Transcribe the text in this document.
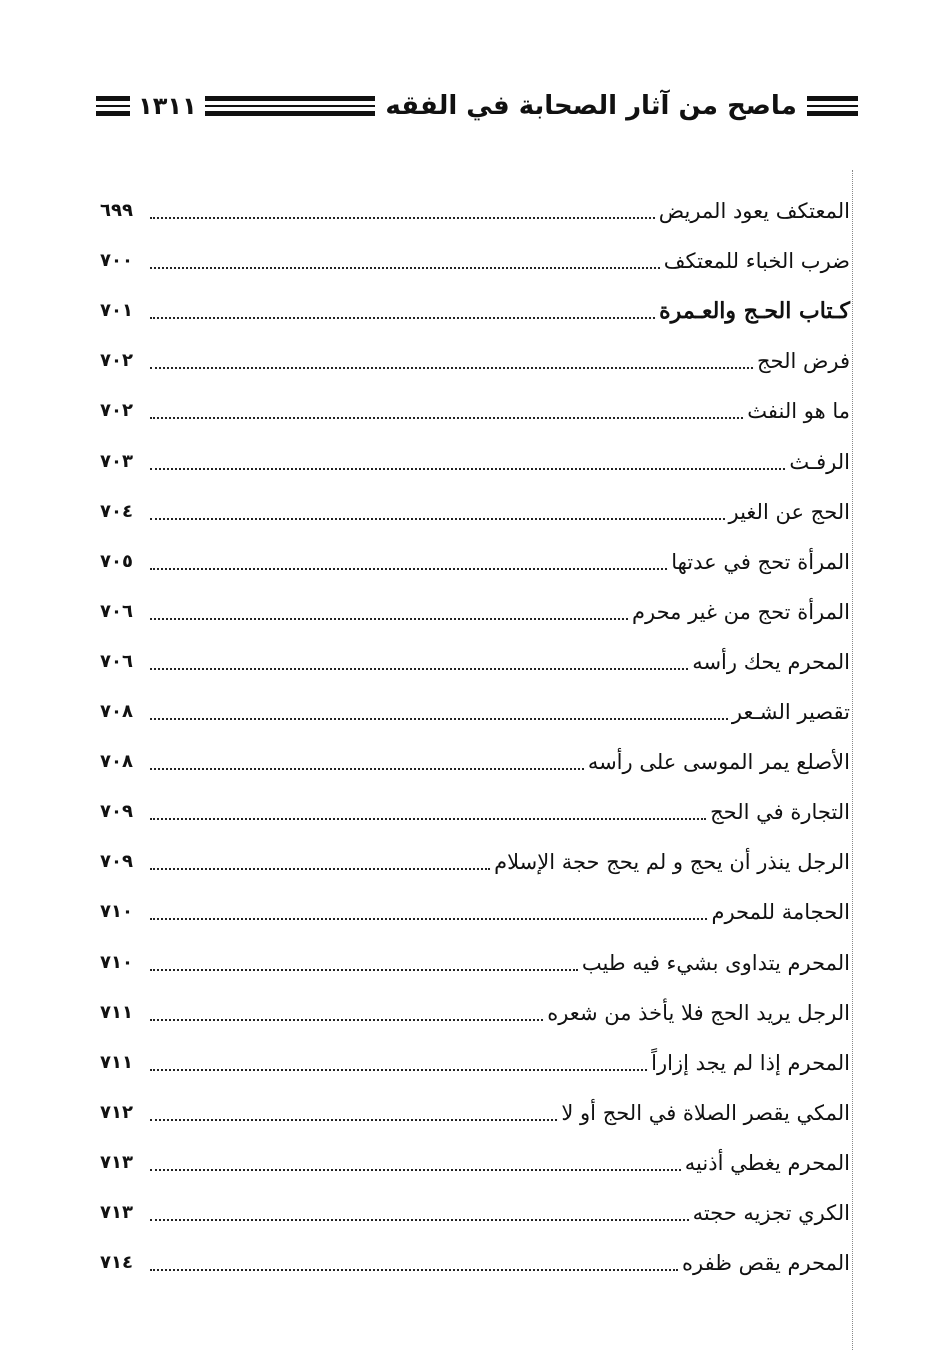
ماصح من آثار الصحابة في الفقه
١٣١١
المعتكف يعود المريض
٦٩٩
ضرب الخباء للمعتكف
٧٠٠
كـتاب الحـج والعـمرة
٧٠١
فرض الحج
٧٠٢
ما هو النفث
٧٠٢
الرفـث
٧٠٣
الحج عن الغير
٧٠٤
المرأة تحج في عدتها
٧٠٥
المرأة تحج من غير محرم
٧٠٦
المحرم يحك رأسه
٧٠٦
تقصير الشـعر
٧٠٨
الأصلع يمر الموسى على رأسه
٧٠٨
التجارة في الحج
٧٠٩
الرجل ينذر أن يحج و لم يحج حجة الإسلام
٧٠٩
الحجامة للمحرم
٧١٠
المحرم يتداوى بشيء فيه طيب
٧١٠
الرجل يريد الحج فلا يأخذ من شعره
٧١١
المحرم إذا لم يجد إزاراً
٧١١
المكي يقصر الصلاة في الحج أو لا
٧١٢
المحرم يغطي أذنيه
٧١٣
الكري تجزيه حجته
٧١٣
المحرم يقص ظفره
٧١٤
